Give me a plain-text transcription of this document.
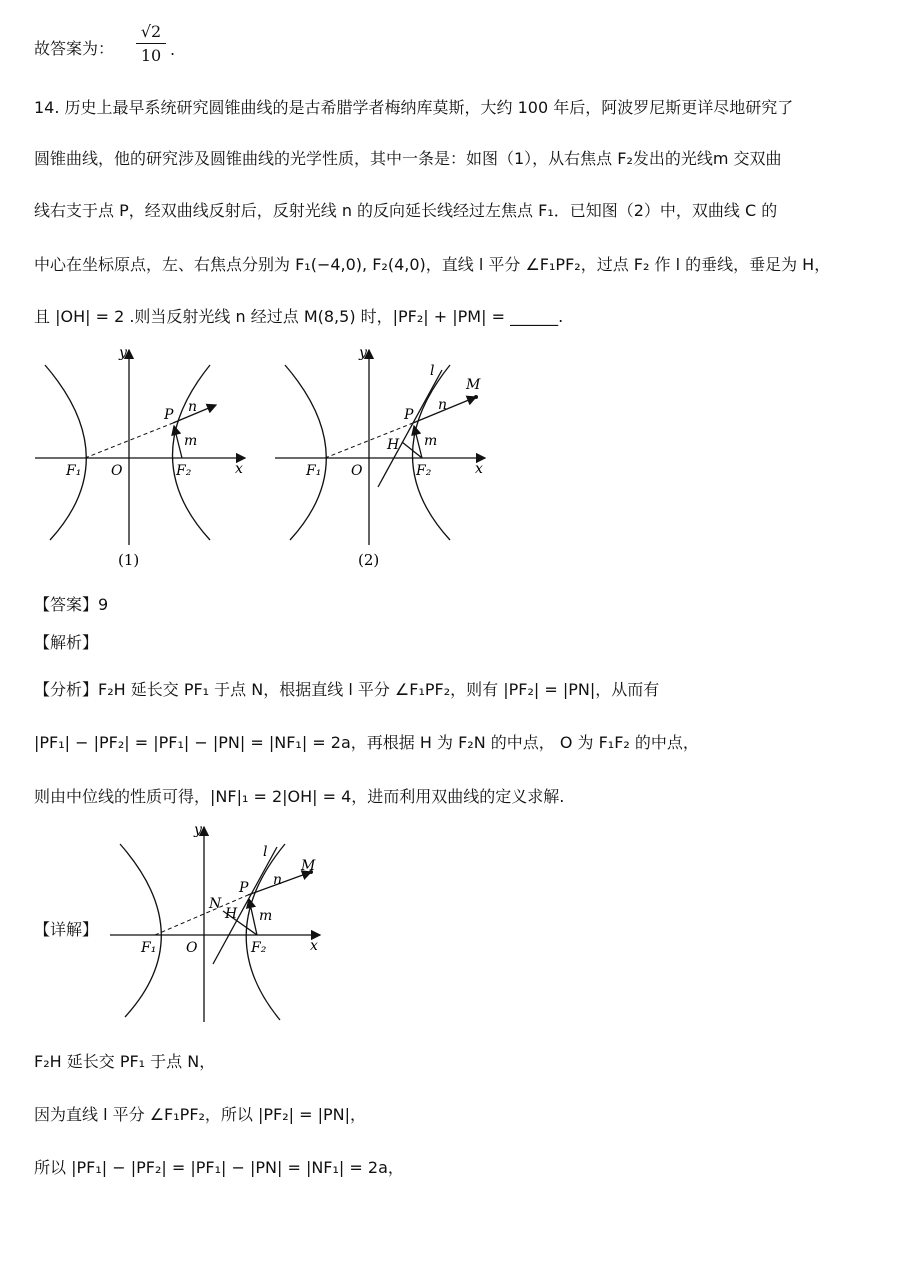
故答案为：
√2
10 .
14. 历史上最早系统研究圆锥曲线的是古希腊学者梅纳库莫斯，大约 100 年后，阿波罗尼斯更详尽地研究了
圆锥曲线，他的研究涉及圆锥曲线的光学性质，其中一条是：如图（1），从右焦点 F₂发出的光线m 交双曲
线右支于点 P，经双曲线反射后，反射光线 n 的反向延长线经过左焦点 F₁．已知图（2）中，双曲线 C 的
中心在坐标原点，左、右焦点分别为 F₁(−4,0), F₂(4,0)，直线 l 平分 ∠F₁PF₂，过点 F₂ 作 l 的垂线，垂足为 H，
且 |OH| = 2 .则当反射光线 n 经过点 M(8,5) 时，|PF₂| + |PM| = ______.
y
x
P n
m
F₁ O	F₂
(1)
y
x
P
n
m
l
M
H
F₁ O	F₂
(2)
【答案】9
【解析】
【分析】F₂H 延长交 PF₁ 于点 N，根据直线 l 平分 ∠F₁PF₂，则有 |PF₂| = |PN|，从而有
|PF₁| − |PF₂| = |PF₁| − |PN| = |NF₁| = 2a，再根据 H 为 F₂N 的中点， O 为 F₁F₂ 的中点，
则由中位线的性质可得，|NF|₁ = 2|OH| = 4，进而利用双曲线的定义求解.
【详解】
y
x
P n
m
l
M
H
N
F₁ O	F₂
F₂H 延长交 PF₁ 于点 N，
因为直线 l 平分 ∠F₁PF₂，所以 |PF₂| = |PN|，
所以 |PF₁| − |PF₂| = |PF₁| − |PN| = |NF₁| = 2a，
